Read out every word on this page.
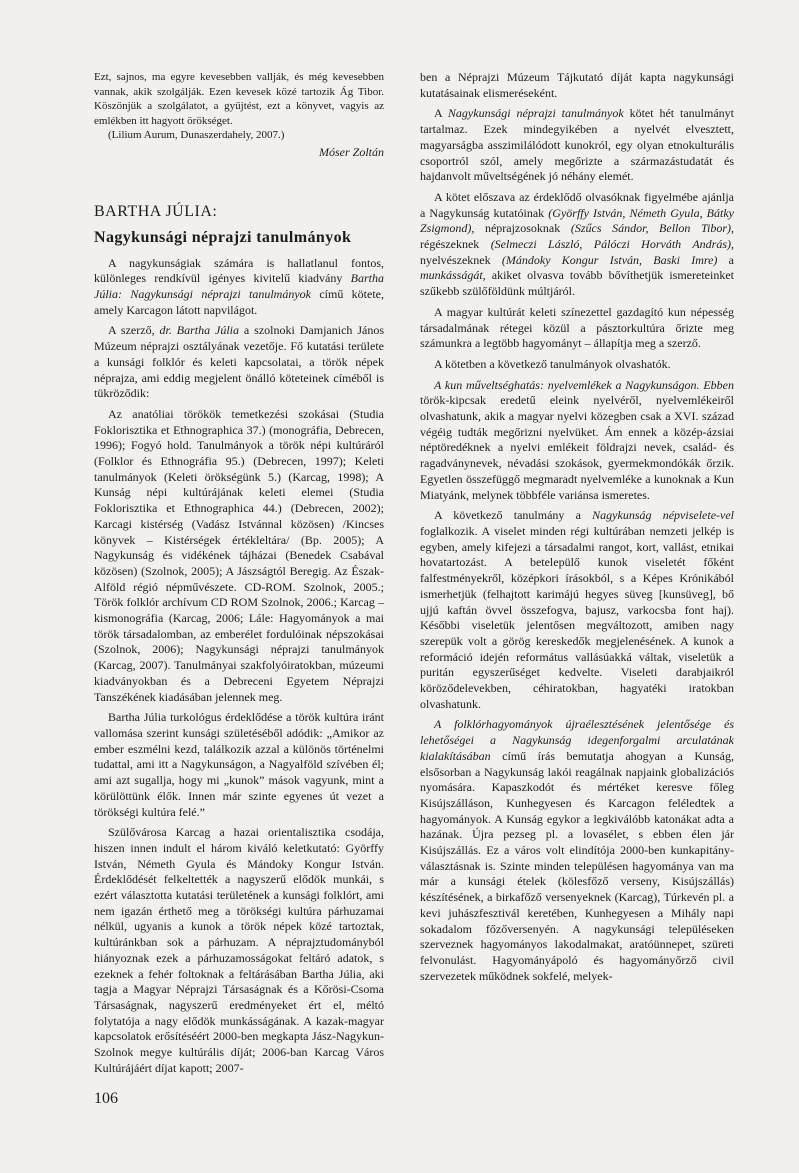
Ezt, sajnos, ma egyre kevesebben vallják, és még kevesebben vannak, akik szolgálják. Ezen kevesek közé tartozik Ág Tibor. Köszönjük a szolgálatot, a gyűjtést, ezt a könyvet, vagyis az emlékben itt hagyott örökséget.

(Lilium Aurum, Dunaszerdahely, 2007.)

Móser Zoltán
BARTHA JÚLIA:
Nagykunsági néprajzi tanulmányok

A nagykunságiak számára is hallatlanul fontos, különleges rendkívül igényes kivitelű kiadvány Bartha Júlia: Nagykunsági néprajzi tanulmányok című kötete, amely Karcagon látott napvilágot.

A szerző, dr. Bartha Júlia a szolnoki Damjanich János Múzeum néprajzi osztályának vezetője. Fő kutatási területe a kunsági folklór és keleti kapcsolatai, a török népek néprajza, ami eddig megjelent önálló köteteinek címéből is tükröződik:

Az anatóliai törökök temetkezési szokásai (Studia Foklorisztika et Ethnographica 37.) (monográfia, Debrecen, 1996); Fogyó hold. Tanulmányok a török népi kultúráról (Folklor és Ethnográfia 95.) (Debrecen, 1997); Keleti tanulmányok (Keleti örökségünk 5.) (Karcag, 1998); A Kunság népi kultúrájának keleti elemei (Studia Foklorisztika et Ethnographica 44.) (Debrecen, 2002); Karcagi kistérség (Vadász Istvánnal közösen) /Kincses könyvek – Kistérségek értékleltára/ (Bp. 2005); A Nagykunság és vidékének tájházai (Benedek Csabával közösen) (Szolnok, 2005); A Jászságtól Beregig. Az Észak-Alföld régió népművészete. CD-ROM. Szolnok, 2005.; Török folklór archívum CD ROM Szolnok, 2006.; Karcag – kismonográfia (Karcag, 2006; Lále: Hagyományok a mai török társadalomban, az emberélet fordulóinak népszokásai (Szolnok, 2006); Nagykunsági néprajzi tanulmányok (Karcag, 2007). Tanulmányai szakfolyóiratokban, múzeumi kiadványokban és a Debreceni Egyetem Néprajzi Tanszékének kiadásában jelennek meg.

Bartha Júlia turkológus érdeklődése a török kultúra iránt vallomása szerint kunsági születéséből adódik: „Amikor az ember eszmélni kezd, találkozik azzal a különös történelmi tudattal, ami itt a Nagykunságon, a Nagyalföld szívében él; ami azt sugallja, hogy mi „kunok” mások vagyunk, mint a körülöttünk élők. Innen már szinte egyenes út vezet a törökségi kultúra felé.”

Szülővárosa Karcag a hazai orientalisztika csodája, hiszen innen indult el három kiváló keletkutató: Györffy István, Németh Gyula és Mándoky Kongur István. Érdeklődését felkeltették a nagyszerű elődök munkái, s ezért választotta kutatási területének a kunsági folklórt, ami nem igazán érthető meg a törökségi kultúra párhuzamai nélkül, ugyanis a kunok a török népek közé tartoztak, kultúránkban sok a párhuzam. A néprajztudományból hiányoznak ezek a párhuzamosságokat feltáró adatok, s ezeknek a fehér foltoknak a feltárásában Bartha Júlia, aki tagja a Magyar Néprajzi Társaságnak és a Kőrösi-Csoma Társaságnak, nagyszerű eredményeket ért el, méltó folytatója a nagy elődök munkásságának. A kazak-magyar kapcsolatok erősítéséért 2000-ben megkapta Jász-Nagykun-Szolnok megye kultúrális díját; 2006-ban Karcag Város Kultúrájáért díjat kapott; 2007-

ben a Néprajzi Múzeum Tájkutató díját kapta nagykunsági kutatásainak elismeréseként.

A Nagykunsági néprajzi tanulmányok kötet hét tanulmányt tartalmaz. Ezek mindegyikében a nyelvét elvesztett, magyarságba asszimilálódott kunokról, egy olyan etnokulturális csoportról szól, amely megőrizte a származástudatát és hajdanvolt műveltségének jó néhány elemét.

A kötet előszava az érdeklődő olvasóknak figyelmébe ajánlja a Nagykunság kutatóinak (Györffy István, Németh Gyula, Bátky Zsigmond), néprajzosoknak (Szűcs Sándor, Bellon Tibor), régészeknek (Selmeczi László, Pálóczi Horváth András), nyelvészeknek (Mándoky Kongur István, Baski Imre) a munkásságát, akiket olvasva tovább bővíthetjük ismereteinket szűkebb szülőföldünk múltjáról.

A magyar kultúrát keleti színezettel gazdagító kun népesség társadalmának rétegei közül a pásztorkultúra őrizte meg számunkra a legtöbb hagyományt – állapítja meg a szerző.

A kötetben a következő tanulmányok olvashatók.

A kun műveltséghatás: nyelvemlékek a Nagykunságon. Ebben török-kipcsak eredetű eleink nyelvéről, nyelvemlékeiről olvashatunk, akik a magyar nyelvi közegben csak a XVI. század végéig tudták megőrizni nyelvüket. Ám ennek a közép-ázsiai néptöredéknek a nyelvi emlékeit földrajzi nevek, család- és ragadványnevek, névadási szokások, gyermekmondókák őrzik. Egyetlen összefüggő megmaradt nyelvemléke a kunoknak a Kun Miatyánk, melynek többféle variánsa ismeretes.

A következő tanulmány a Nagykunság népviselete-vel foglalkozik. A viselet minden régi kultúrában nemzeti jelkép is egyben, amely kifejezi a társadalmi rangot, kort, vallást, etnikai hovatartozást. A betelepülő kunok viseletét főként falfestményekről, középkori írásokból, s a Képes Krónikából ismerhetjük (felhajtott karimájú hegyes süveg [kunsüveg], bő ujjú kaftán övvel összefogva, bajusz, varkocsba font haj). Későbbi viseletük jelentősen megváltozott, amiben nagy szerepük volt a görög kereskedők megjelenésének. A kunok a reformáció idején református vallásúakká váltak, viseletük a puritán egyszerűséget kedvelte. Viseleti darabjaikról köröződelevekben, céhiratokban, hagyatéki iratokban olvashatunk.

A folklórhagyományok újraélesztésének jelentősége és lehetőségei a Nagykunság idegenforgalmi arculatának kialakításában című írás bemutatja ahogyan a Kunság, elsősorban a Nagykunság lakói reagálnak napjaink globalizációs nyomására. Kapaszkodót és mértéket keresve főleg Kisújszálláson, Kunhegyesen és Karcagon feléledtek a hagyományok. A Kunság egykor a legkiválóbb katonákat adta a hazának. Újra pezseg pl. a lovasélet, s ebben élen jár Kisújszállás. Ez a város volt elindítója 2000-ben kunkapitány-választásnak is. Szinte minden településen hagyománya van ma már a kunsági ételek (kölesfőző verseny, Kisújszállás) készítésének, a birkafőző versenyeknek (Karcag), Túrkevén pl. a kevi juhászfesztivál keretében, Kunhegyesen a Mihály napi sokadalom főzőversenyén. A nagykunsági településeken szerveznek hagyományos lakodalmakat, aratóünnepet, szüreti felvonulást. Hagyományápoló és hagyományőrző civil szervezetek működnek sokfelé, melyek-

106
